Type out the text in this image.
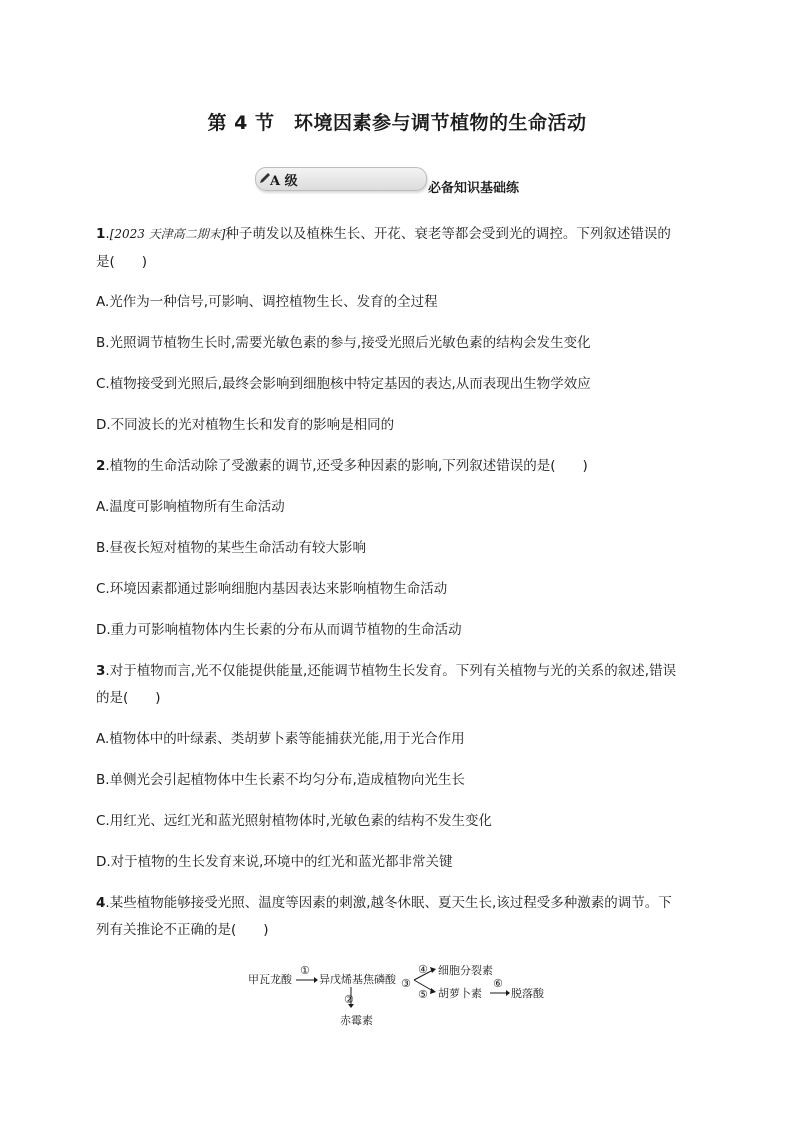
第 4 节　环境因素参与调节植物的生命活动
A 级	必备知识基础练
1.[2023 天津高二期末]种子萌发以及植株生长、开花、衰老等都会受到光的调控。下列叙述错误的
是(　　)
A.光作为一种信号,可影响、调控植物生长、发育的全过程
B.光照调节植物生长时,需要光敏色素的参与,接受光照后光敏色素的结构会发生变化
C.植物接受到光照后,最终会影响到细胞核中特定基因的表达,从而表现出生物学效应
D.不同波长的光对植物生长和发育的影响是相同的
2.植物的生命活动除了受激素的调节,还受多种因素的影响,下列叙述错误的是(　　)
A.温度可影响植物所有生命活动
B.昼夜长短对植物的某些生命活动有较大影响
C.环境因素都通过影响细胞内基因表达来影响植物生命活动
D.重力可影响植物体内生长素的分布从而调节植物的生命活动
3.对于植物而言,光不仅能提供能量,还能调节植物生长发育。下列有关植物与光的关系的叙述,错误
的是(　　)
A.植物体中的叶绿素、类胡萝卜素等能捕获光能,用于光合作用
B.单侧光会引起植物体中生长素不均匀分布,造成植物向光生长
C.用红光、远红光和蓝光照射植物体时,光敏色素的结构不发生变化
D.对于植物的生长发育来说,环境中的红光和蓝光都非常关键
4.某些植物能够接受光照、温度等因素的刺激,越冬休眠、夏天生长,该过程受多种激素的调节。下
列有关推论不正确的是(　　)
甲瓦龙酸
①
异戊烯基焦磷酸
②
赤霉素
③
④
⑤
细胞分裂素
胡萝卜素
⑥
脱落酸
